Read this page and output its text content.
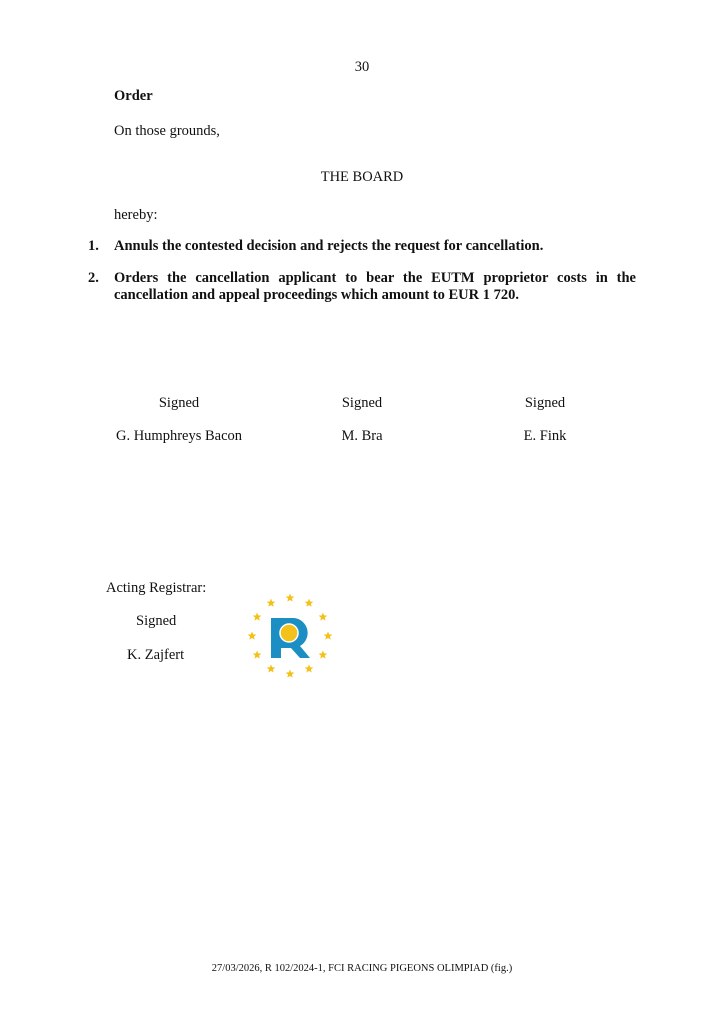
30
Order
On those grounds,
THE BOARD
hereby:
1. Annuls the contested decision and rejects the request for cancellation.
2. Orders the cancellation applicant to bear the EUTM proprietor costs in the cancellation and appeal proceedings which amount to EUR 1 720.
Signed	Signed	Signed
G. Humphreys Bacon	M. Bra	E. Fink
Acting Registrar:
Signed
K. Zajfert
27/03/2026, R 102/2024-1, FCI RACING PIGEONS OLIMPIAD (fig.)
